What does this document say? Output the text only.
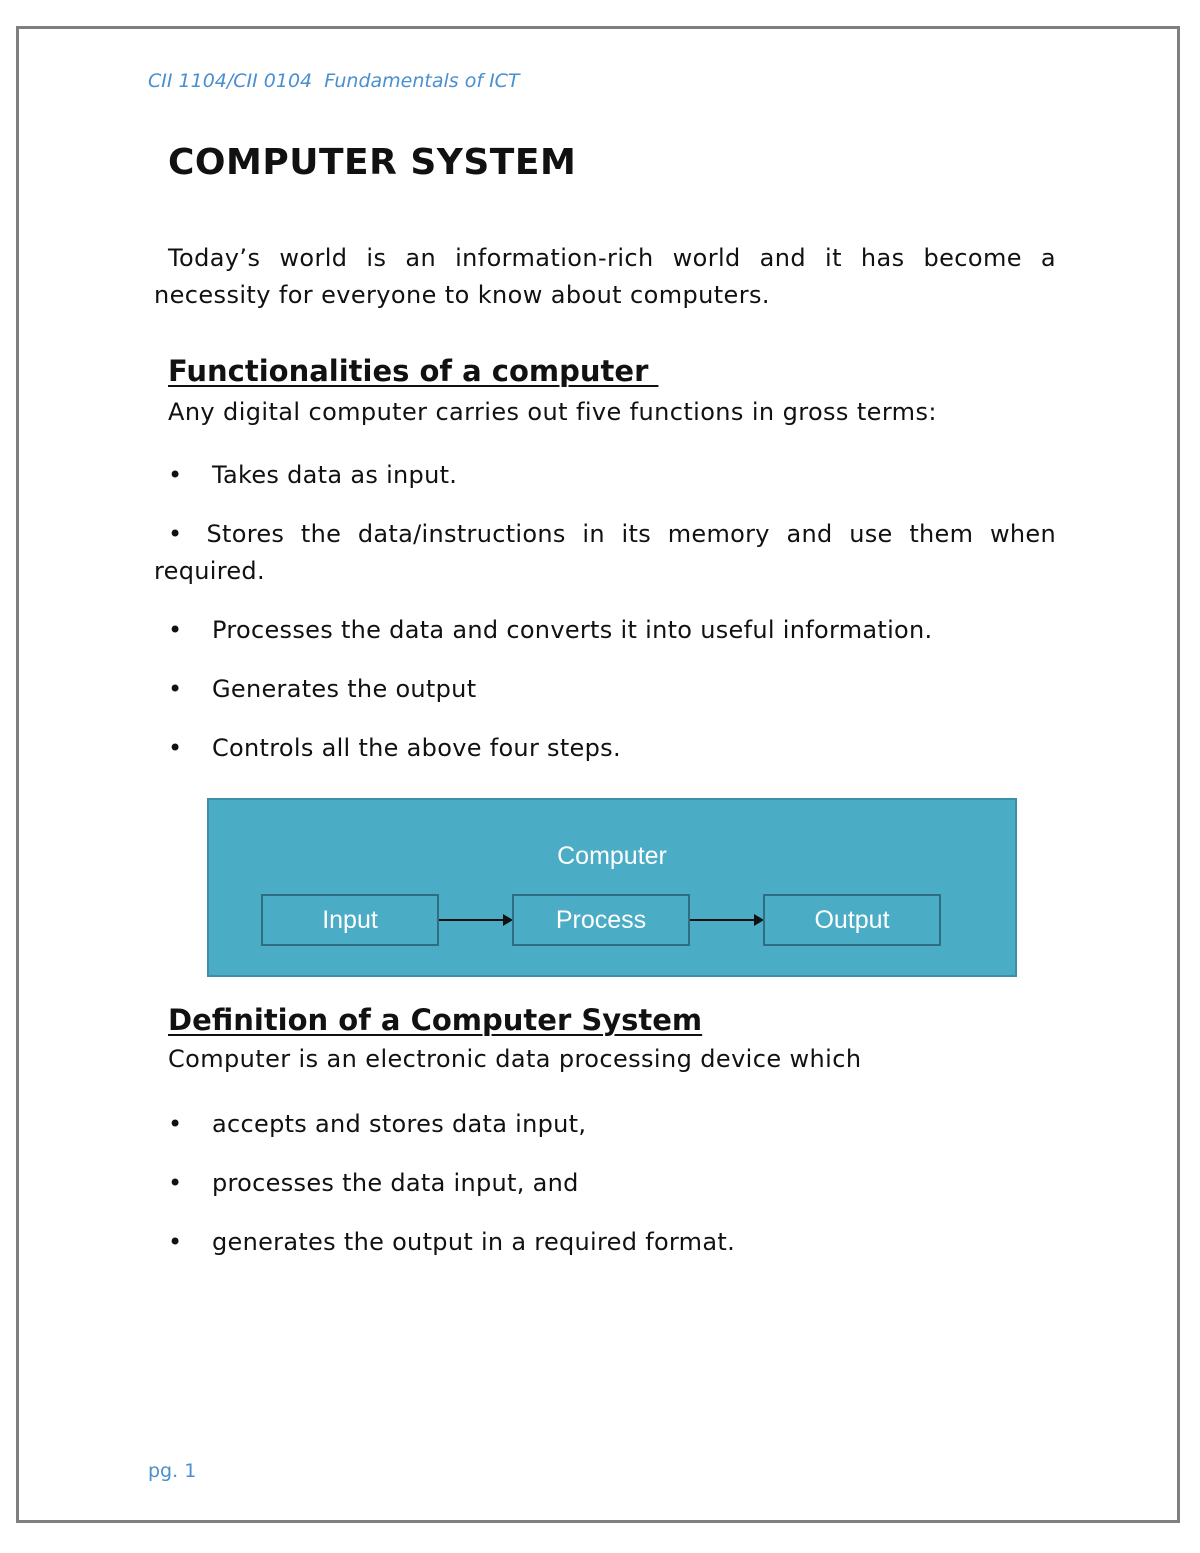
CII 1104/CII 0104  Fundamentals of ICT
COMPUTER SYSTEM

Today’s world is an information-rich world and it has become a necessity for everyone to know about computers.

Functionalities of a computer

Any digital computer carries out five functions in gross terms:

• Takes data as input.
• Stores the data/instructions in its memory and use them when required.
• Processes the data and converts it into useful information.
• Generates the output
• Controls all the above four steps.
Computer
Input	Process	Output
Definition of a Computer System

Computer is an electronic data processing device which

• accepts and stores data input,
• processes the data input, and
• generates the output in a required format.
pg. 1
